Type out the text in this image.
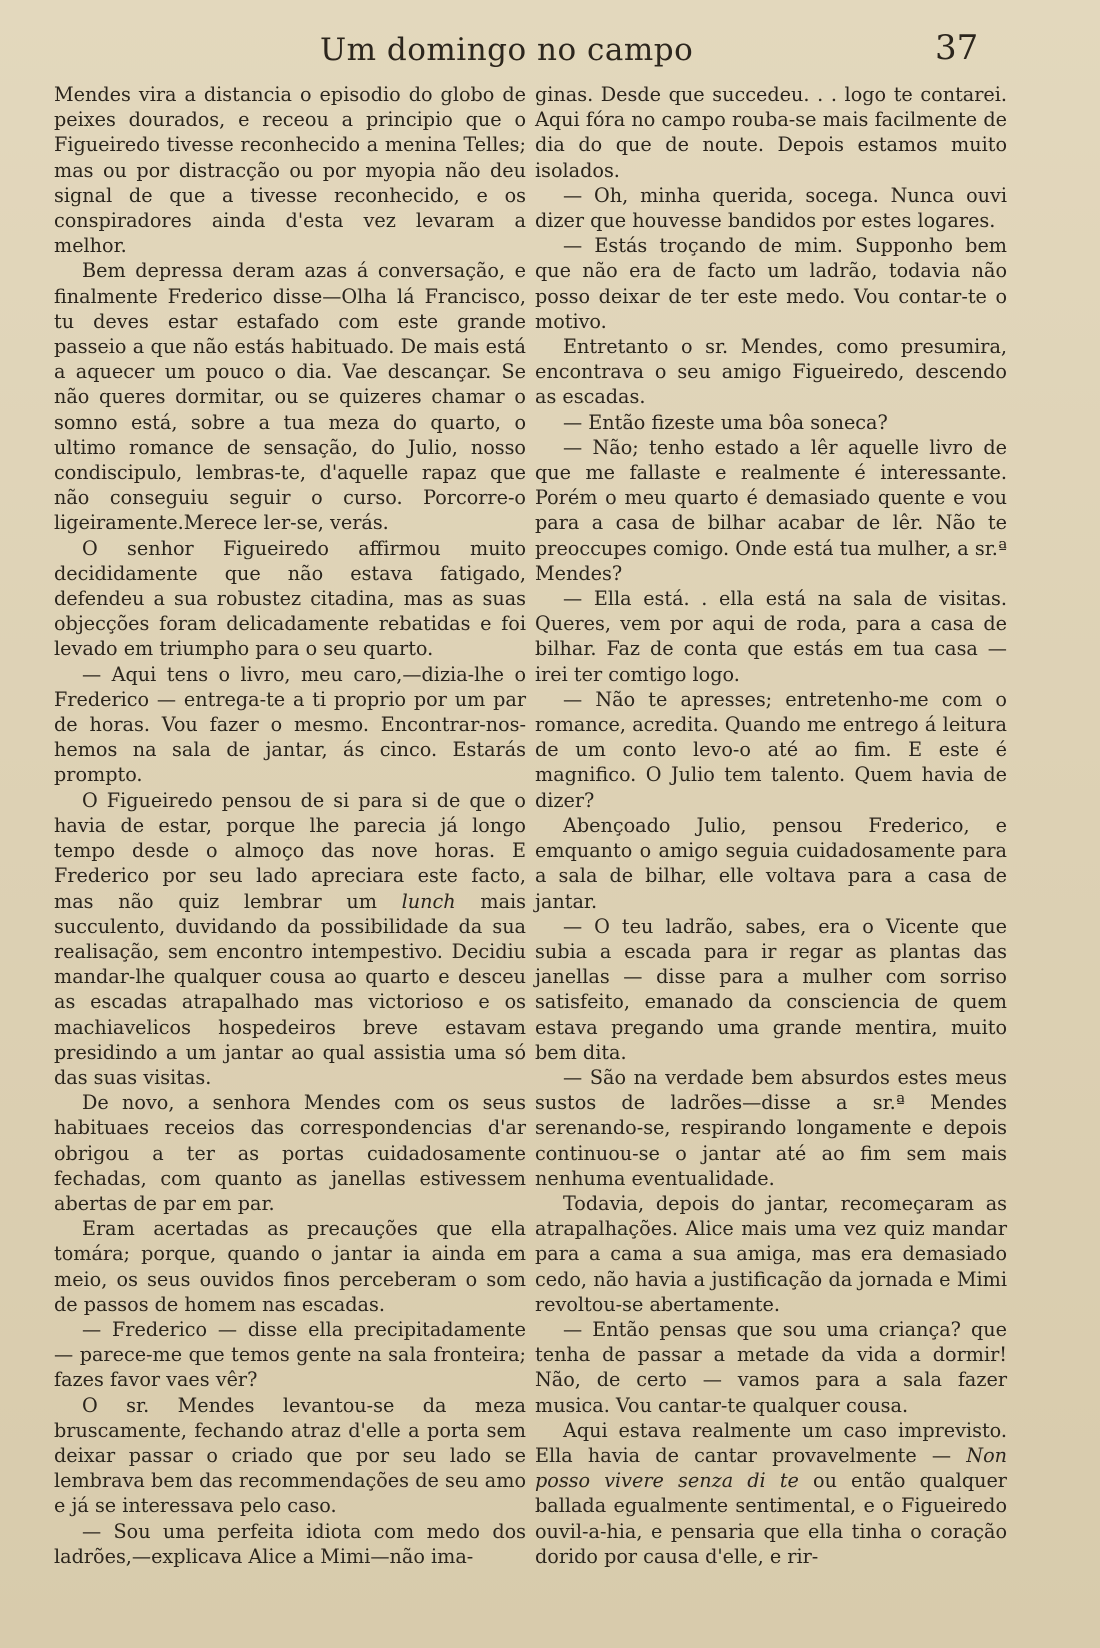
Um domingo no campo	37

Mendes vira a distancia o episodio do globo de peixes dourados, e receou a principio que o Figueiredo tivesse reconhecido a menina Telles; mas ou por distracção ou por myopia não deu signal de que a tivesse reconhecido, e os conspiradores ainda d'esta vez levaram a melhor.

Bem depressa deram azas á conversação, e finalmente Frederico disse—Olha lá Francisco, tu deves estar estafado com este grande passeio a que não estás habituado. De mais está a aquecer um pouco o dia. Vae descançar. Se não queres dormitar, ou se quizeres chamar o somno está, sobre a tua meza do quarto, o ultimo romance de sensação, do Julio, nosso condiscipulo, lembras-te, d'aquelle rapaz que não conseguiu seguir o curso. Porcorre-o ligeiramente.Merece ler-se, verás.

O senhor Figueiredo affirmou muito decididamente que não estava fatigado, defendeu a sua robustez citadina, mas as suas objecções foram delicadamente rebatidas e foi levado em triumpho para o seu quarto.

— Aqui tens o livro, meu caro,—dizia-lhe o Frederico — entrega-te a ti proprio por um par de horas. Vou fazer o mesmo. Encontrar-nos-hemos na sala de jantar, ás cinco. Estarás prompto.

O Figueiredo pensou de si para si de que o havia de estar, porque lhe parecia já longo tempo desde o almoço das nove horas. E Frederico por seu lado apreciara este facto, mas não quiz lembrar um lunch mais succulento, duvidando da possibilidade da sua realisação, sem encontro intempestivo. Decidiu mandar-lhe qualquer cousa ao quarto e desceu as escadas atrapalhado mas victorioso e os machiavelicos hospedeiros breve estavam presidindo a um jantar ao qual assistia uma só das suas visitas.

De novo, a senhora Mendes com os seus habituaes receios das correspondencias d'ar obrigou a ter as portas cuidadosamente fechadas, com quanto as janellas estivessem abertas de par em par.

Eram acertadas as precauções que ella tomára; porque, quando o jantar ia ainda em meio, os seus ouvidos finos perceberam o som de passos de homem nas escadas.

— Frederico — disse ella precipitadamente — parece-me que temos gente na sala fronteira; fazes favor vaes vêr?

O sr. Mendes levantou-se da meza bruscamente, fechando atraz d'elle a porta sem deixar passar o criado que por seu lado se lembrava bem das recommendações de seu amo e já se interessava pelo caso.

— Sou uma perfeita idiota com medo dos ladrões,—explicava Alice a Mimi—não ima-

ginas. Desde que succedeu. . . logo te contarei. Aqui fóra no campo rouba-se mais facilmente de dia do que de noute. Depois estamos muito isolados.

— Oh, minha querida, socega. Nunca ouvi dizer que houvesse bandidos por estes logares.

— Estás troçando de mim. Supponho bem que não era de facto um ladrão, todavia não posso deixar de ter este medo. Vou contar-te o motivo.

Entretanto o sr. Mendes, como presumira, encontrava o seu amigo Figueiredo, descendo as escadas.

— Então fizeste uma bôa soneca?

— Não; tenho estado a lêr aquelle livro de que me fallaste e realmente é interessante. Porém o meu quarto é demasiado quente e vou para a casa de bilhar acabar de lêr. Não te preoccupes comigo. Onde está tua mulher, a sr.ª Mendes?

— Ella está. . ella está na sala de visitas. Queres, vem por aqui de roda, para a casa de bilhar. Faz de conta que estás em tua casa — irei ter comtigo logo.

— Não te apresses; entretenho-me com o romance, acredita. Quando me entrego á leitura de um conto levo-o até ao fim. E este é magnifico. O Julio tem talento. Quem havia de dizer?

Abençoado Julio, pensou Frederico, e emquanto o amigo seguia cuidadosamente para a sala de bilhar, elle voltava para a casa de jantar.

— O teu ladrão, sabes, era o Vicente que subia a escada para ir regar as plantas das janellas — disse para a mulher com sorriso satisfeito, emanado da consciencia de quem estava pregando uma grande mentira, muito bem dita.

— São na verdade bem absurdos estes meus sustos de ladrões—disse a sr.ª Mendes serenando-se, respirando longamente e depois continuou-se o jantar até ao fim sem mais nenhuma eventualidade.

Todavia, depois do jantar, recomeçaram as atrapalhações. Alice mais uma vez quiz mandar para a cama a sua amiga, mas era demasiado cedo, não havia a justificação da jornada e Mimi revoltou-se abertamente.

— Então pensas que sou uma criança? que tenha de passar a metade da vida a dormir! Não, de certo — vamos para a sala fazer musica. Vou cantar-te qualquer cousa.

Aqui estava realmente um caso imprevisto. Ella havia de cantar provavelmente — Non posso vivere senza di te ou então qualquer ballada egualmente sentimental, e o Figueiredo ouvil-a-hia, e pensaria que ella tinha o coração dorido por causa d'elle, e rir-
